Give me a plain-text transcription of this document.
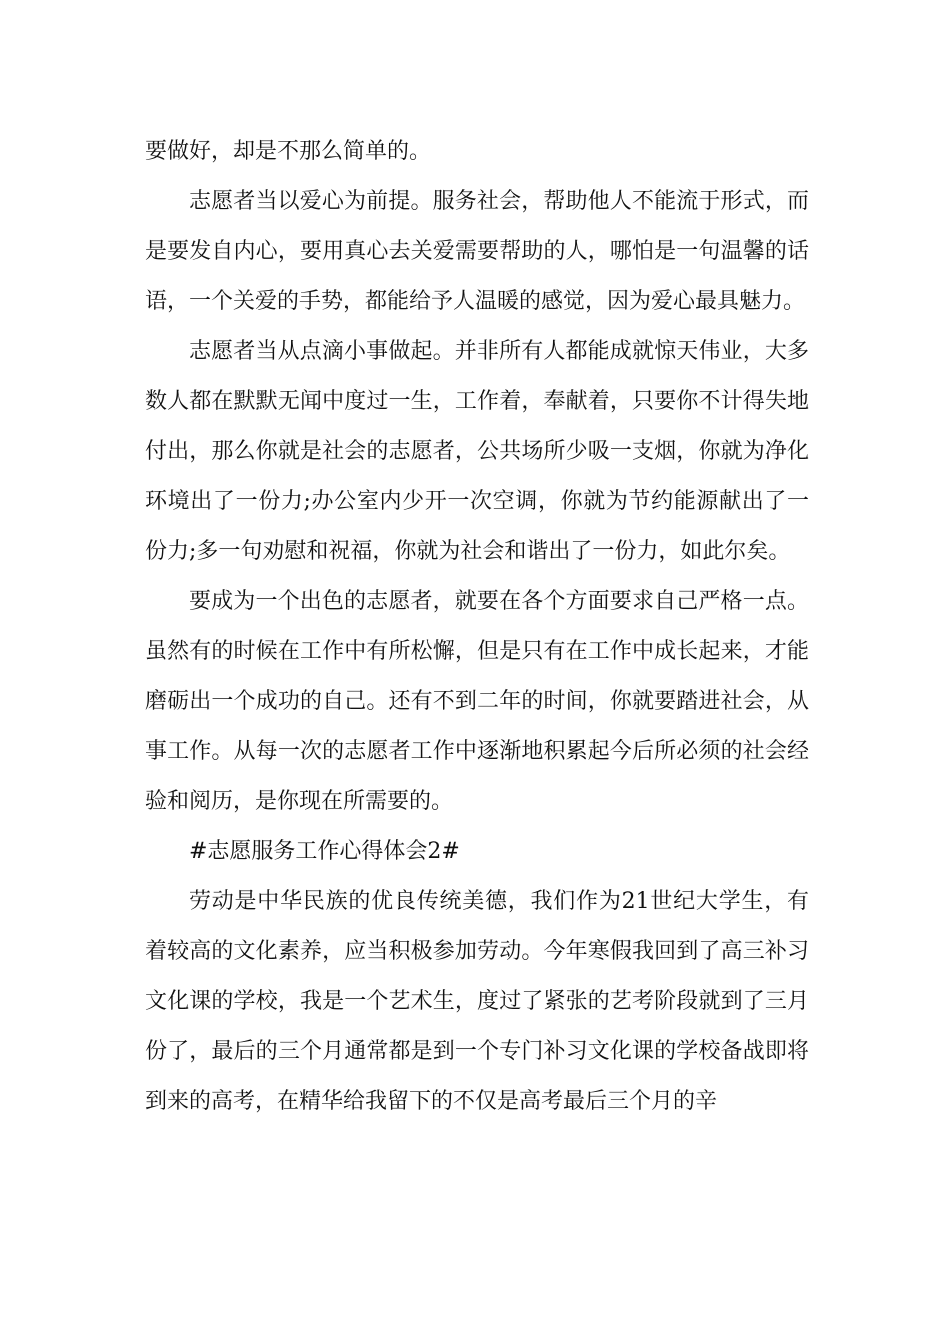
要做好，却是不那么简单的。

志愿者当以爱心为前提。服务社会，帮助他人不能流于形式，而是要发自内心，要用真心去关爱需要帮助的人，哪怕是一句温馨的话语，一个关爱的手势，都能给予人温暖的感觉，因为爱心最具魅力。

志愿者当从点滴小事做起。并非所有人都能成就惊天伟业，大多数人都在默默无闻中度过一生，工作着，奉献着，只要你不计得失地付出，那么你就是社会的志愿者，公共场所少吸一支烟，你就为净化环境出了一份力;办公室内少开一次空调，你就为节约能源献出了一份力;多一句劝慰和祝福，你就为社会和谐出了一份力，如此尔矣。

要成为一个出色的志愿者，就要在各个方面要求自己严格一点。虽然有的时候在工作中有所松懈，但是只有在工作中成长起来，才能磨砺出一个成功的自己。还有不到二年的时间，你就要踏进社会，从事工作。从每一次的志愿者工作中逐渐地积累起今后所必须的社会经验和阅历，是你现在所需要的。

#志愿服务工作心得体会2#

劳动是中华民族的优良传统美德，我们作为21世纪大学生，有着较高的文化素养，应当积极参加劳动。今年寒假我回到了高三补习文化课的学校，我是一个艺术生，度过了紧张的艺考阶段就到了三月份了，最后的三个月通常都是到一个专门补习文化课的学校备战即将到来的高考，在精华给我留下的不仅是高考最后三个月的辛
